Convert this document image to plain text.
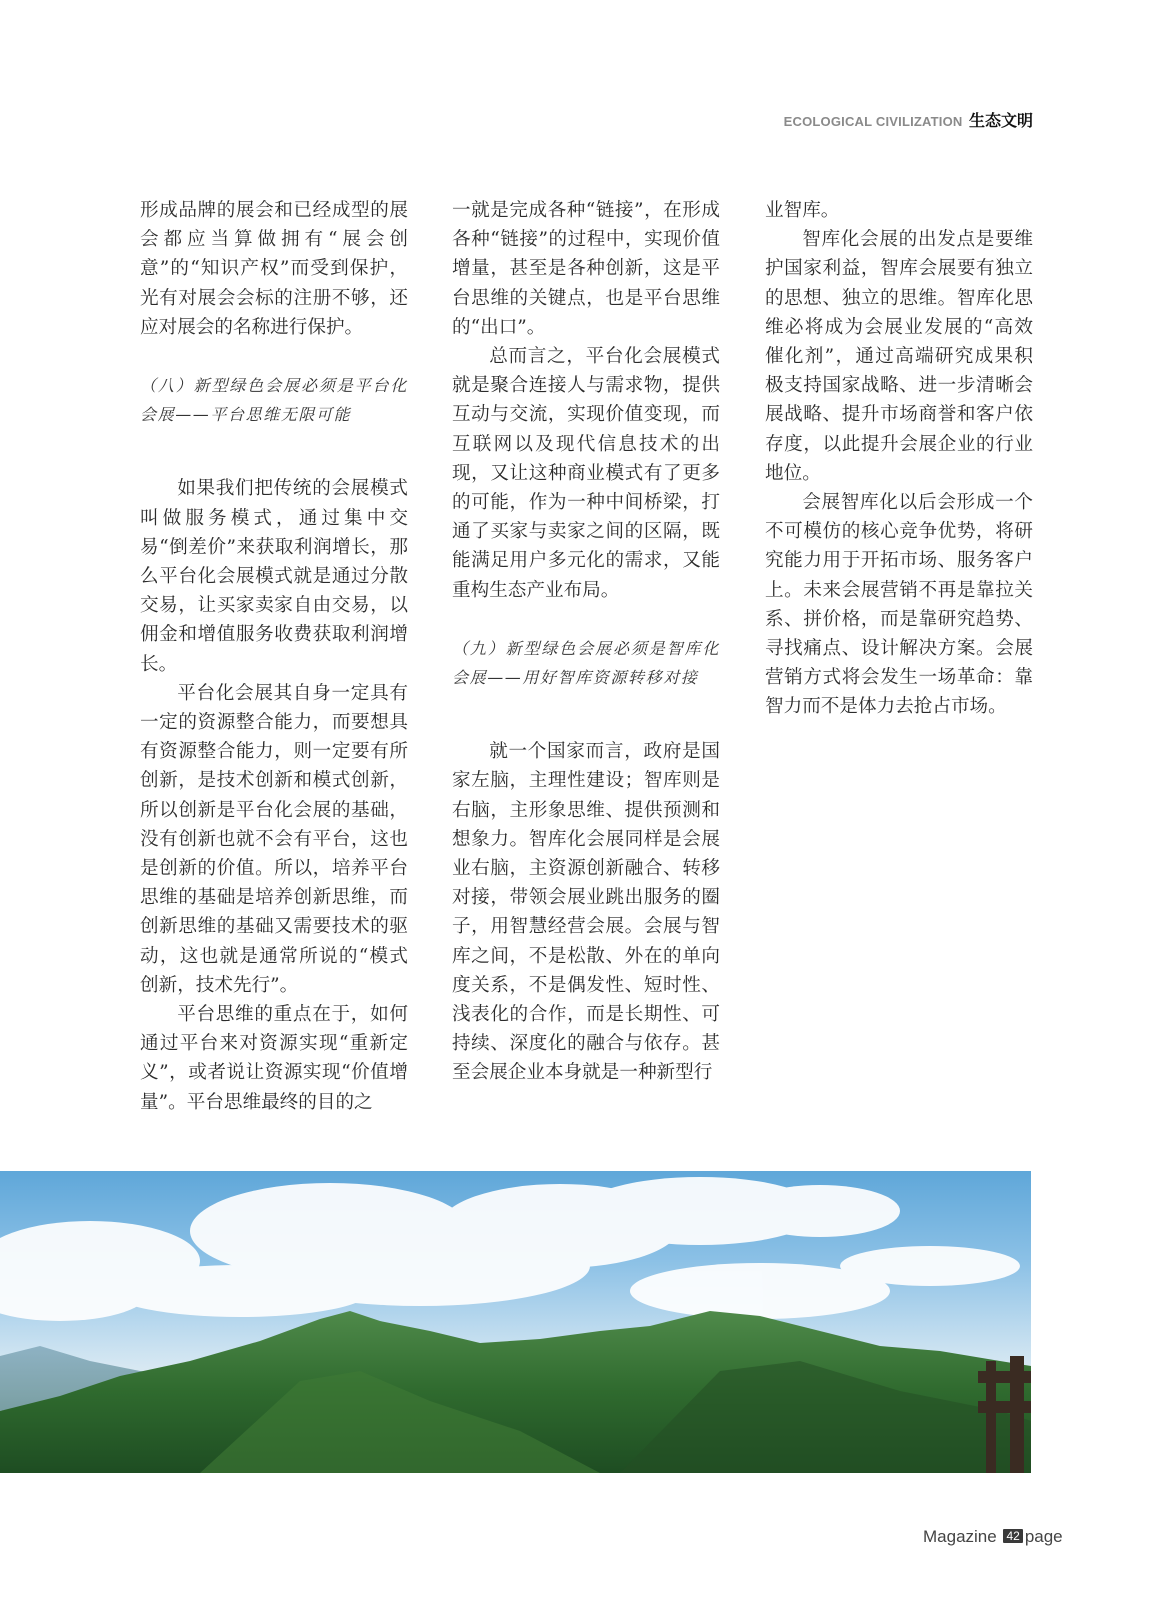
ECOLOGICAL CIVILIZATION 生态文明

形成品牌的展会和已经成型的展会都应当算做拥有“展会创意”的“知识产权”而受到保护，光有对展会会标的注册不够，还应对展会的名称进行保护。

（八）新型绿色会展必须是平台化会展——平台思维无限可能

如果我们把传统的会展模式叫做服务模式，通过集中交易“倒差价”来获取利润增长，那么平台化会展模式就是通过分散交易，让买家卖家自由交易，以佣金和增值服务收费获取利润增长。

平台化会展其自身一定具有一定的资源整合能力，而要想具有资源整合能力，则一定要有所创新，是技术创新和模式创新，所以创新是平台化会展的基础，没有创新也就不会有平台，这也是创新的价值。所以，培养平台思维的基础是培养创新思维，而创新思维的基础又需要技术的驱动，这也就是通常所说的“模式创新，技术先行”。

平台思维的重点在于，如何通过平台来对资源实现“重新定义”，或者说让资源实现“价值增量”。平台思维最终的目的之

一就是完成各种“链接”，在形成各种“链接”的过程中，实现价值增量，甚至是各种创新，这是平台思维的关键点，也是平台思维的“出口”。

总而言之，平台化会展模式就是聚合连接人与需求物，提供互动与交流，实现价值变现，而互联网以及现代信息技术的出现，又让这种商业模式有了更多的可能，作为一种中间桥梁，打通了买家与卖家之间的区隔，既能满足用户多元化的需求，又能重构生态产业布局。

（九）新型绿色会展必须是智库化会展——用好智库资源转移对接

就一个国家而言，政府是国家左脑，主理性建设；智库则是右脑，主形象思维、提供预测和想象力。智库化会展同样是会展业右脑，主资源创新融合、转移对接，带领会展业跳出服务的圈子，用智慧经营会展。会展与智库之间，不是松散、外在的单向度关系，不是偶发性、短时性、浅表化的合作，而是长期性、可持续、深度化的融合与依存。甚至会展企业本身就是一种新型行

业智库。

智库化会展的出发点是要维护国家利益，智库会展要有独立的思想、独立的思维。智库化思维必将成为会展业发展的“高效催化剂”，通过高端研究成果积极支持国家战略、进一步清晰会展战略、提升市场商誉和客户依存度，以此提升会展企业的行业地位。

会展智库化以后会形成一个不可模仿的核心竞争优势，将研究能力用于开拓市场、服务客户上。未来会展营销不再是靠拉关系、拼价格，而是靠研究趋势、寻找痛点、设计解决方案。会展营销方式将会发生一场革命：靠智力而不是体力去抢占市场。

Magazine 42 page
